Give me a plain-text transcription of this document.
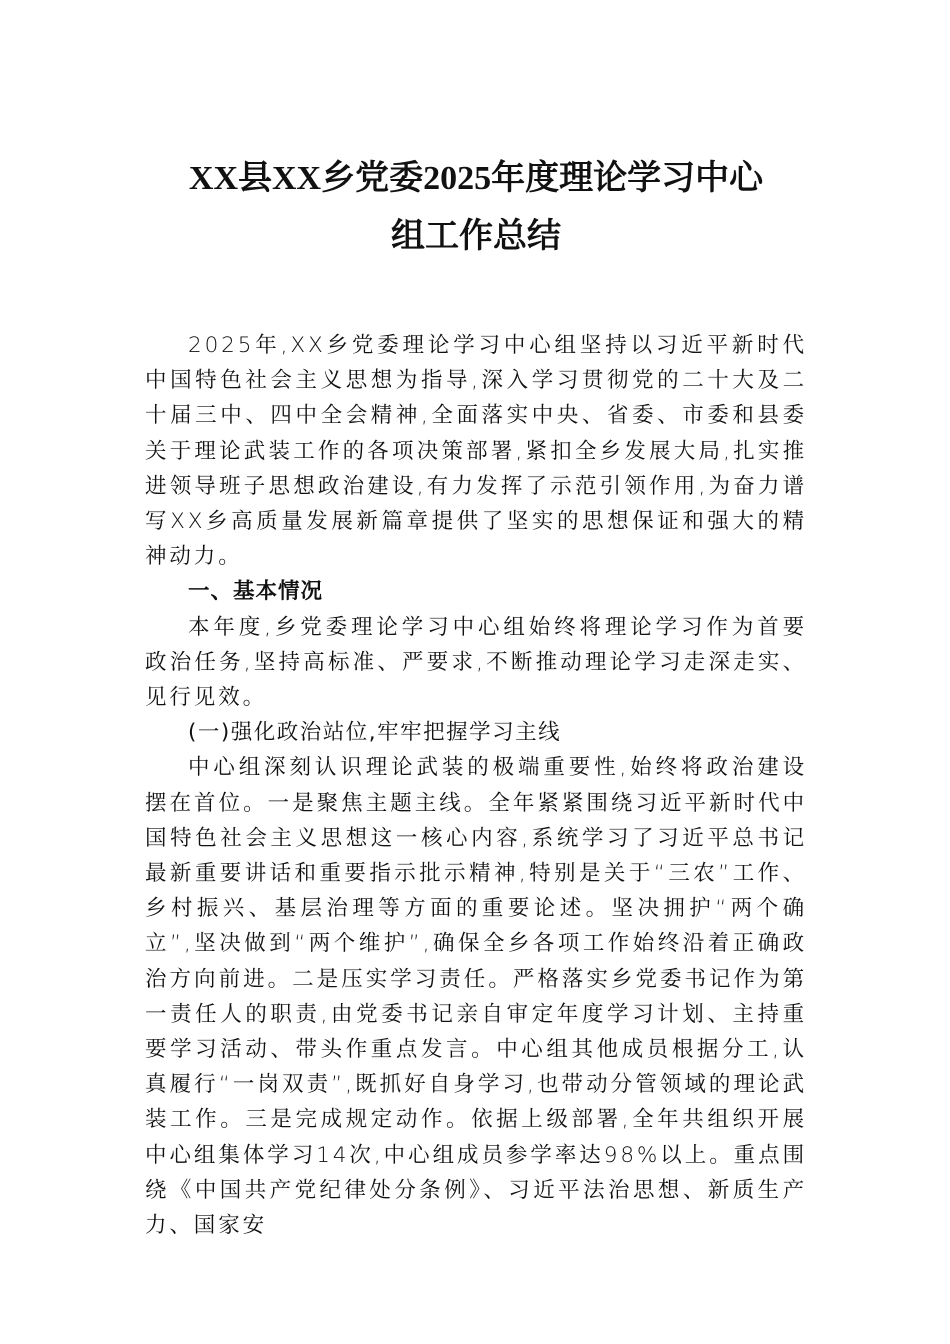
XX县XX乡党委2025年度理论学习中心
组工作总结

2025年,XX乡党委理论学习中心组坚持以习近平新时代中国特色社会主义思想为指导,深入学习贯彻党的二十大及二十届三中、四中全会精神,全面落实中央、省委、市委和县委关于理论武装工作的各项决策部署,紧扣全乡发展大局,扎实推进领导班子思想政治建设,有力发挥了示范引领作用,为奋力谱写XX乡高质量发展新篇章提供了坚实的思想保证和强大的精神动力。

一、基本情况

本年度,乡党委理论学习中心组始终将理论学习作为首要政治任务,坚持高标准、严要求,不断推动理论学习走深走实、见行见效。

(一)强化政治站位,牢牢把握学习主线

中心组深刻认识理论武装的极端重要性,始终将政治建设摆在首位。一是聚焦主题主线。全年紧紧围绕习近平新时代中国特色社会主义思想这一核心内容,系统学习了习近平总书记最新重要讲话和重要指示批示精神,特别是关于“三农”工作、乡村振兴、基层治理等方面的重要论述。坚决拥护“两个确立”,坚决做到“两个维护”,确保全乡各项工作始终沿着正确政治方向前进。二是压实学习责任。严格落实乡党委书记作为第一责任人的职责,由党委书记亲自审定年度学习计划、主持重要学习活动、带头作重点发言。中心组其他成员根据分工,认真履行“一岗双责”,既抓好自身学习,也带动分管领域的理论武装工作。三是完成规定动作。依据上级部署,全年共组织开展中心组集体学习14次,中心组成员参学率达98%以上。重点围绕《中国共产党纪律处分条例》、习近平法治思想、新质生产力、国家安
